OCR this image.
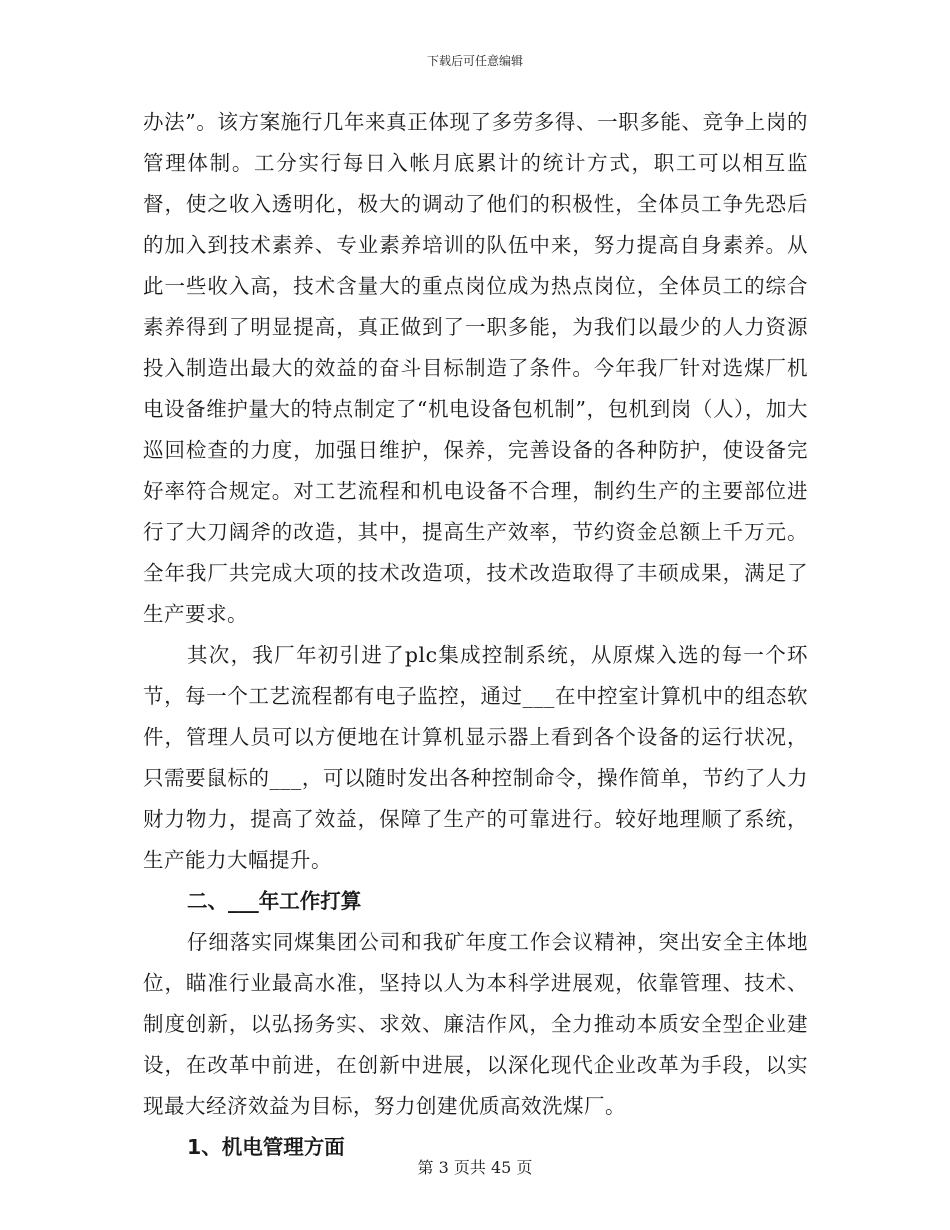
下载后可任意编辑

办法”。该方案施行几年来真正体现了多劳多得、一职多能、竞争上岗的管理体制。工分实行每日入帐月底累计的统计方式，职工可以相互监督，使之收入透明化，极大的调动了他们的积极性，全体员工争先恐后的加入到技术素养、专业素养培训的队伍中来，努力提高自身素养。从此一些收入高，技术含量大的重点岗位成为热点岗位，全体员工的综合素养得到了明显提高，真正做到了一职多能，为我们以最少的人力资源投入制造出最大的效益的奋斗目标制造了条件。今年我厂针对选煤厂机电设备维护量大的特点制定了“机电设备包机制”，包机到岗（人），加大巡回检查的力度，加强日维护，保养，完善设备的各种防护，使设备完好率符合规定。对工艺流程和机电设备不合理，制约生产的主要部位进行了大刀阔斧的改造，其中，提高生产效率，节约资金总额上千万元。全年我厂共完成大项的技术改造项，技术改造取得了丰硕成果，满足了生产要求。

其次，我厂年初引进了plc集成控制系统，从原煤入选的每一个环节，每一个工艺流程都有电子监控，通过___在中控室计算机中的组态软件，管理人员可以方便地在计算机显示器上看到各个设备的运行状况，只需要鼠标的___，可以随时发出各种控制命令，操作简单，节约了人力财力物力，提高了效益，保障了生产的可靠进行。较好地理顺了系统，生产能力大幅提升。

二、___年工作打算

仔细落实同煤集团公司和我矿年度工作会议精神，突出安全主体地位，瞄准行业最高水准，坚持以人为本科学进展观，依靠管理、技术、制度创新，以弘扬务实、求效、廉洁作风，全力推动本质安全型企业建设，在改革中前进，在创新中进展，以深化现代企业改革为手段，以实现最大经济效益为目标，努力创建优质高效洗煤厂。

1、机电管理方面

第 3 页共 45 页
